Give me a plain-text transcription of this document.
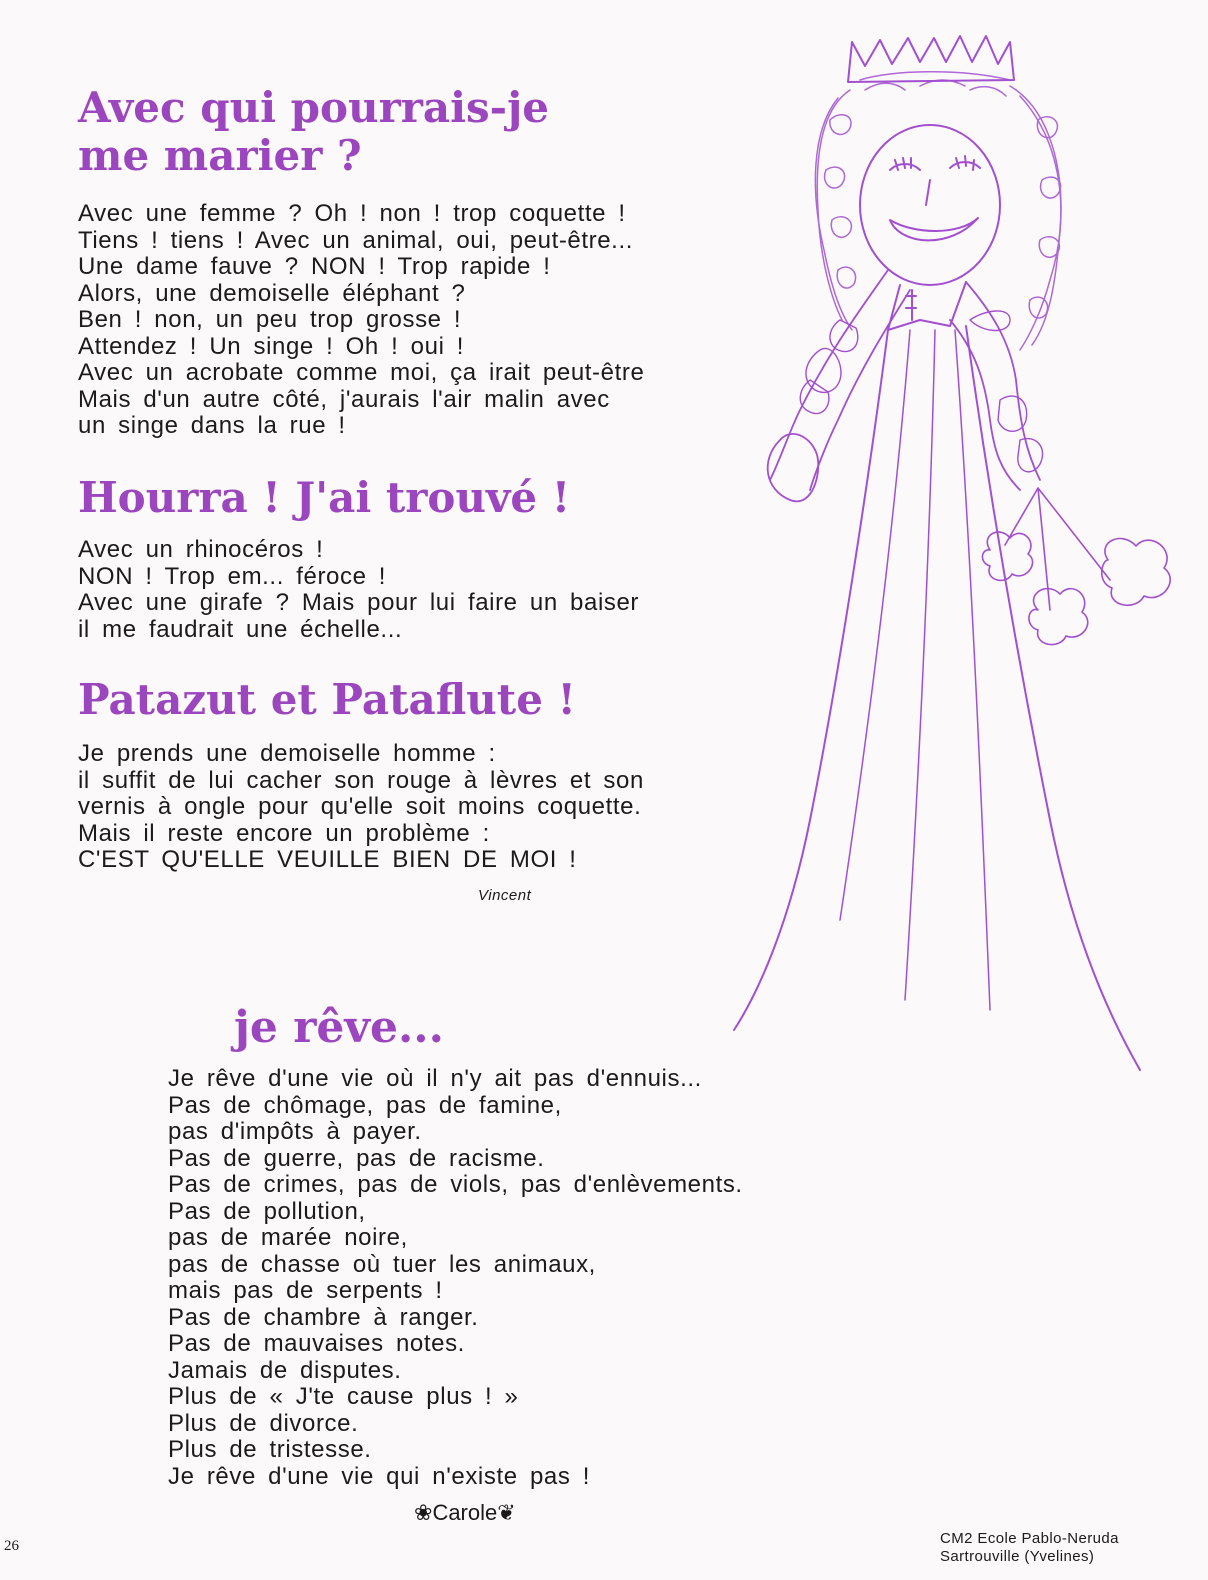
Avec qui pourrais-je
me marier ?
Avec une femme ? Oh ! non ! trop coquette !
Tiens ! tiens ! Avec un animal, oui, peut-être...
Une dame fauve ? NON ! Trop rapide !
Alors, une demoiselle éléphant ?
Ben ! non, un peu trop grosse !
Attendez ! Un singe ! Oh ! oui !
Avec un acrobate comme moi, ça irait peut-être
Mais d'un autre côté, j'aurais l'air malin avec
un singe dans la rue !
Hourra ! J'ai trouvé !
Avec un rhinocéros !
NON ! Trop em... féroce !
Avec une girafe ? Mais pour lui faire un baiser
il me faudrait une échelle...
Patazut et Pataflute !
Je prends une demoiselle homme :
il suffit de lui cacher son rouge à lèvres et son
vernis à ongle pour qu'elle soit moins coquette.
Mais il reste encore un problème :
C'EST QU'ELLE VEUILLE BIEN DE MOI !
Vincent
je rêve...
Je rêve d'une vie où il n'y ait pas d'ennuis...
Pas de chômage, pas de famine,
pas d'impôts à payer.
Pas de guerre, pas de racisme.
Pas de crimes, pas de viols, pas d'enlèvements.
Pas de pollution,
pas de marée noire,
pas de chasse où tuer les animaux,
mais pas de serpents !
Pas de chambre à ranger.
Pas de mauvaises notes.
Jamais de disputes.
Plus de « J'te cause plus ! »
Plus de divorce.
Plus de tristesse.
Je rêve d'une vie qui n'existe pas !
❀Carole❦
26	CM2 Ecole Pablo-Neruda
Sartrouville (Yvelines)
